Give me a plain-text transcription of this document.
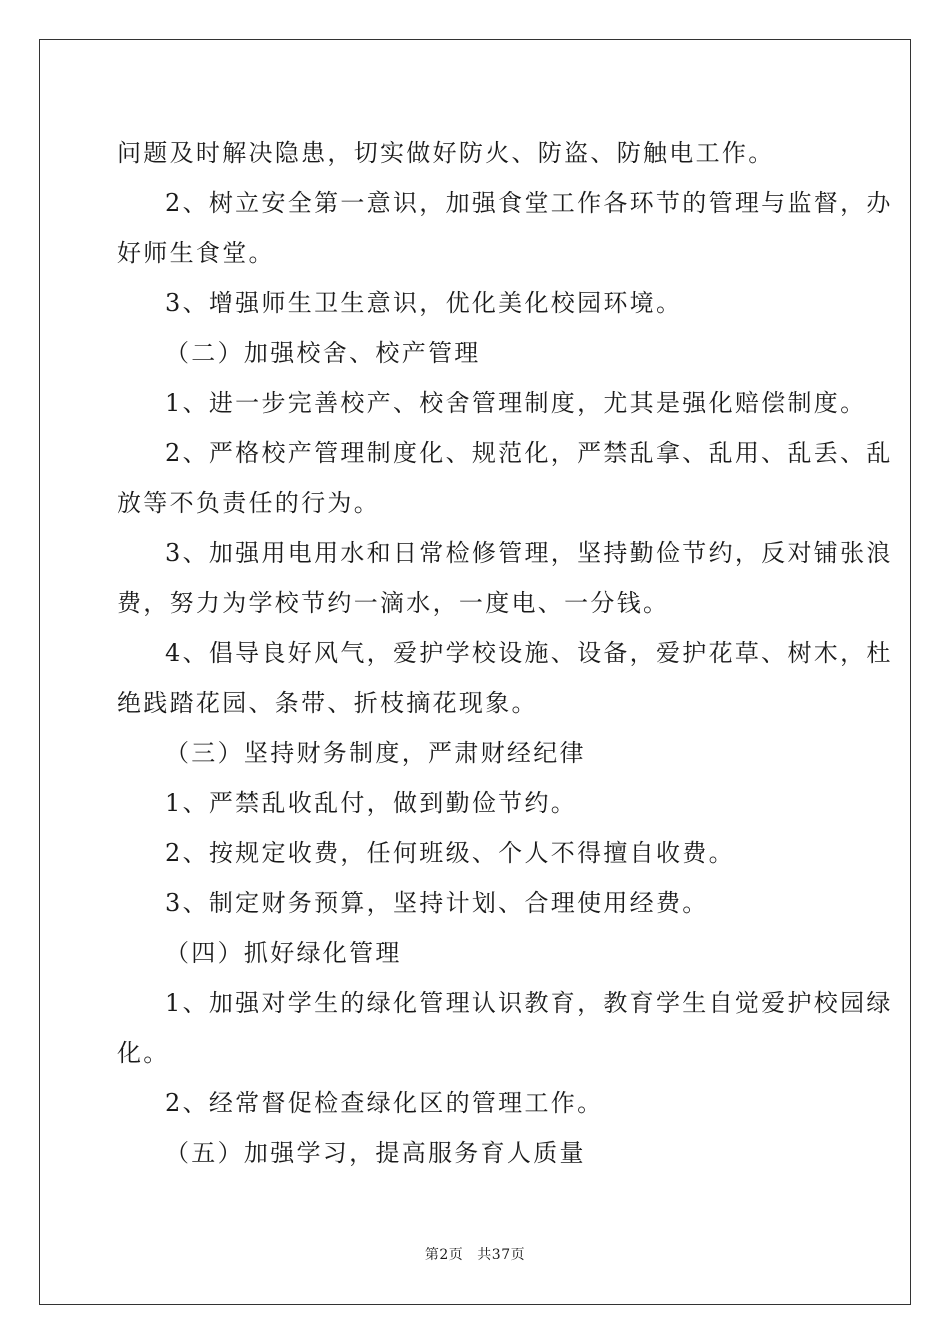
问题及时解决隐患，切实做好防火、防盗、防触电工作。
2、树立安全第一意识，加强食堂工作各环节的管理与监督，办
好师生食堂。
3、增强师生卫生意识，优化美化校园环境。
（二）加强校舍、校产管理
1、进一步完善校产、校舍管理制度，尤其是强化赔偿制度。
2、严格校产管理制度化、规范化，严禁乱拿、乱用、乱丢、乱
放等不负责任的行为。
3、加强用电用水和日常检修管理，坚持勤俭节约，反对铺张浪
费，努力为学校节约一滴水，一度电、一分钱。
4、倡导良好风气，爱护学校设施、设备，爱护花草、树木，杜
绝践踏花园、条带、折枝摘花现象。
（三）坚持财务制度，严肃财经纪律
1、严禁乱收乱付，做到勤俭节约。
2、按规定收费，任何班级、个人不得擅自收费。
3、制定财务预算，坚持计划、合理使用经费。
（四）抓好绿化管理
1、加强对学生的绿化管理认识教育，教育学生自觉爱护校园绿
化。
2、经常督促检查绿化区的管理工作。
（五）加强学习，提高服务育人质量
第2页 共37页
